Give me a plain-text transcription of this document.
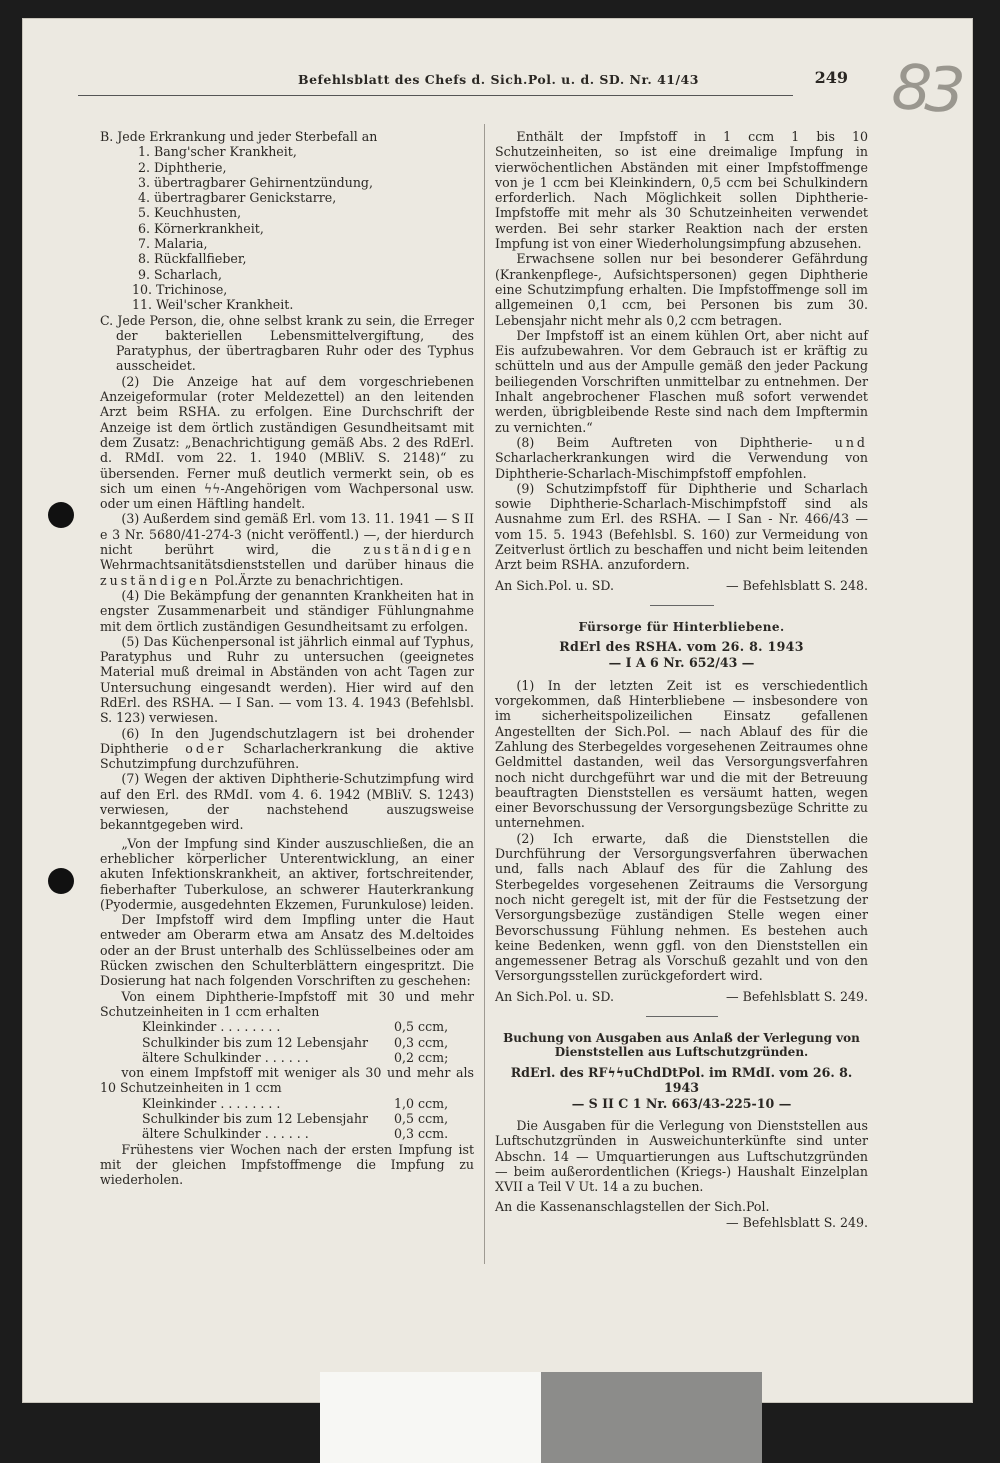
83
Befehlsblatt des Chefs d. Sich.Pol. u. d. SD. Nr. 41/43	249

B. Jede Erkrankung und jeder Sterbefall an

1. Bang'scher Krankheit,

2. Diphtherie,

3. übertragbarer Gehirnentzündung,

4. übertragbarer Genickstarre,

5. Keuchhusten,

6. Körnerkrankheit,

7. Malaria,

8. Rückfallfieber,

9. Scharlach,

10. Trichinose,

11. Weil'scher Krankheit.

C. Jede Person, die, ohne selbst krank zu sein, die Erreger der bakteriellen Lebensmittelvergiftung, des Paratyphus, der übertragbaren Ruhr oder des Typhus ausscheidet.

(2) Die Anzeige hat auf dem vorgeschriebenen Anzeigeformular (roter Meldezettel) an den leitenden Arzt beim RSHA. zu erfolgen. Eine Durchschrift der Anzeige ist dem örtlich zuständigen Gesundheitsamt mit dem Zusatz: „Benachrichtigung gemäß Abs. 2 des RdErl. d. RMdI. vom 22. 1. 1940 (MBliV. S. 2148)“ zu übersenden. Ferner muß deutlich vermerkt sein, ob es sich um einen ϟϟ-Angehörigen vom Wachpersonal usw. oder um einen Häftling handelt.

(3) Außerdem sind gemäß Erl. vom 13. 11. 1941 — S II e 3 Nr. 5680/41-274-3 (nicht veröffentl.) —, der hierdurch nicht berührt wird, die	zuständigen Wehrmachtsanitätsdienststellen und darüber hinaus die zuständigen Pol.Ärzte zu benachrichtigen.

(4) Die Bekämpfung der genannten Krankheiten hat in engster Zusammenarbeit und ständiger Fühlungnahme mit dem örtlich zuständigen Gesundheitsamt zu erfolgen.

(5) Das Küchenpersonal ist jährlich einmal auf Typhus, Paratyphus und Ruhr zu untersuchen (geeignetes Material muß dreimal in Abständen von acht Tagen zur Untersuchung eingesandt werden). Hier wird auf den RdErl. des RSHA. — I San. — vom 13. 4. 1943 (Befehlsbl. S. 123) verwiesen.

(6) In den Jugendschutzlagern ist bei drohender Diphtherie oder Scharlacherkrankung die aktive Schutzimpfung durchzuführen.

(7) Wegen der aktiven Diphtherie-Schutzimpfung wird auf den Erl. des RMdI. vom 4. 6. 1942 (MBliV. S. 1243) verwiesen, der nachstehend auszugsweise bekanntgegeben wird.

„Von der Impfung sind Kinder auszuschließen, die an erheblicher körperlicher Unterentwicklung, an einer akuten Infektionskrankheit, an aktiver, fortschreitender, fieberhafter Tuberkulose, an schwerer Hauterkrankung (Pyodermie, ausgedehnten Ekzemen, Furunkulose) leiden.

Der Impfstoff wird dem Impfling unter die Haut entweder am Oberarm etwa am Ansatz des M.deltoides oder an der Brust unterhalb des Schlüsselbeines oder am Rücken zwischen den Schulterblättern eingespritzt. Die Dosierung hat nach folgenden Vorschriften zu geschehen:

Von einem Diphtherie-Impfstoff mit 30 und mehr Schutzeinheiten in 1 ccm erhalten

Kleinkinder . . . . . . . .	0,5 ccm,
Schulkinder bis zum 12 Lebensjahr	0,3 ccm,
ältere Schulkinder . . . . . .	0,2 ccm;

von einem Impfstoff mit weniger als 30 und mehr als 10 Schutzeinheiten in 1 ccm

Kleinkinder . . . . . . . .	1,0 ccm,
Schulkinder bis zum 12 Lebensjahr	0,5 ccm,
ältere Schulkinder . . . . . .	0,3 ccm.

Frühestens vier Wochen nach der ersten Impfung ist mit der gleichen Impfstoffmenge die Impfung zu wiederholen.

Enthält der Impfstoff in 1 ccm 1 bis 10 Schutzeinheiten, so ist eine dreimalige Impfung in vierwöchentlichen Abständen mit einer Impfstoffmenge von je 1 ccm bei Kleinkindern, 0,5 ccm bei Schulkindern erforderlich. Nach Möglichkeit sollen Diphtherie-Impfstoffe mit mehr als 30 Schutzeinheiten verwendet werden. Bei sehr starker Reaktion nach der ersten Impfung ist von einer Wiederholungsimpfung abzusehen.

Erwachsene sollen nur bei besonderer Gefährdung (Krankenpflege-, Aufsichtspersonen) gegen Diphtherie eine Schutzimpfung erhalten. Die Impfstoffmenge soll im allgemeinen 0,1 ccm, bei Personen bis zum 30. Lebensjahr nicht mehr als 0,2 ccm betragen.

Der Impfstoff ist an einem kühlen Ort, aber nicht auf Eis aufzubewahren. Vor dem Gebrauch ist er kräftig zu schütteln und aus der Ampulle gemäß den jeder Packung beiliegenden Vorschriften unmittelbar zu entnehmen. Der Inhalt angebrochener Flaschen muß sofort verwendet werden, übrigbleibende Reste sind nach dem Impftermin zu vernichten.“

(8) Beim Auftreten von Diphtherie- und Scharlacherkrankungen wird die Verwendung von Diphtherie-Scharlach-Mischimpfstoff empfohlen.

(9) Schutzimpfstoff für Diphtherie und Scharlach sowie Diphtherie-Scharlach-Mischimpfstoff sind als Ausnahme zum Erl. des RSHA. — I San - Nr. 466/43 — vom 15. 5. 1943 (Befehlsbl. S. 160) zur Vermeidung von Zeitverlust örtlich zu beschaffen und nicht beim leitenden Arzt beim RSHA. anzufordern.

An Sich.Pol. u. SD.	— Befehlsblatt S. 248.

Fürsorge für Hinterbliebene.

RdErl des RSHA. vom 26. 8. 1943

— I A 6 Nr. 652/43 —

(1) In der letzten Zeit ist es verschiedentlich vorgekommen, daß Hinterbliebene — insbesondere von im sicherheitspolizeilichen Einsatz gefallenen Angestellten der Sich.Pol. — nach Ablauf des für die Zahlung des Sterbegeldes vorgesehenen Zeitraumes ohne Geldmittel dastanden, weil das Versorgungsverfahren noch nicht durchgeführt war und die mit der Betreuung beauftragten Dienststellen es versäumt hatten, wegen einer Bevorschussung der Versorgungsbezüge Schritte zu unternehmen.

(2) Ich erwarte, daß die Dienststellen die Durchführung der Versorgungsverfahren überwachen und, falls nach Ablauf des für die Zahlung des Sterbegeldes vorgesehenen Zeitraums die Versorgung noch nicht geregelt ist, mit der für die Festsetzung der Versorgungsbezüge zuständigen Stelle wegen einer Bevorschussung Fühlung nehmen. Es bestehen auch keine Bedenken, wenn ggfl. von den Dienststellen ein angemessener Betrag als Vorschuß gezahlt und von den Versorgungsstellen zurückgefordert wird.

An Sich.Pol. u. SD.	— Befehlsblatt S. 249.

Buchung von Ausgaben aus Anlaß der Verlegung von Dienststellen aus Luftschutzgründen.

RdErl. des RFϟϟuChdDtPol. im RMdI. vom 26. 8. 1943

— S II C 1 Nr. 663/43-225-10 —

Die Ausgaben für die Verlegung von Dienststellen aus Luftschutzgründen in Ausweichunterkünfte sind unter Abschn. 14 — Umquartierungen aus Luftschutzgründen — beim außerordentlichen (Kriegs-) Haushalt Einzelplan XVII a Teil V Ut. 14 a zu buchen.

An die Kassenanschlagstellen der Sich.Pol.

— Befehlsblatt S. 249.
